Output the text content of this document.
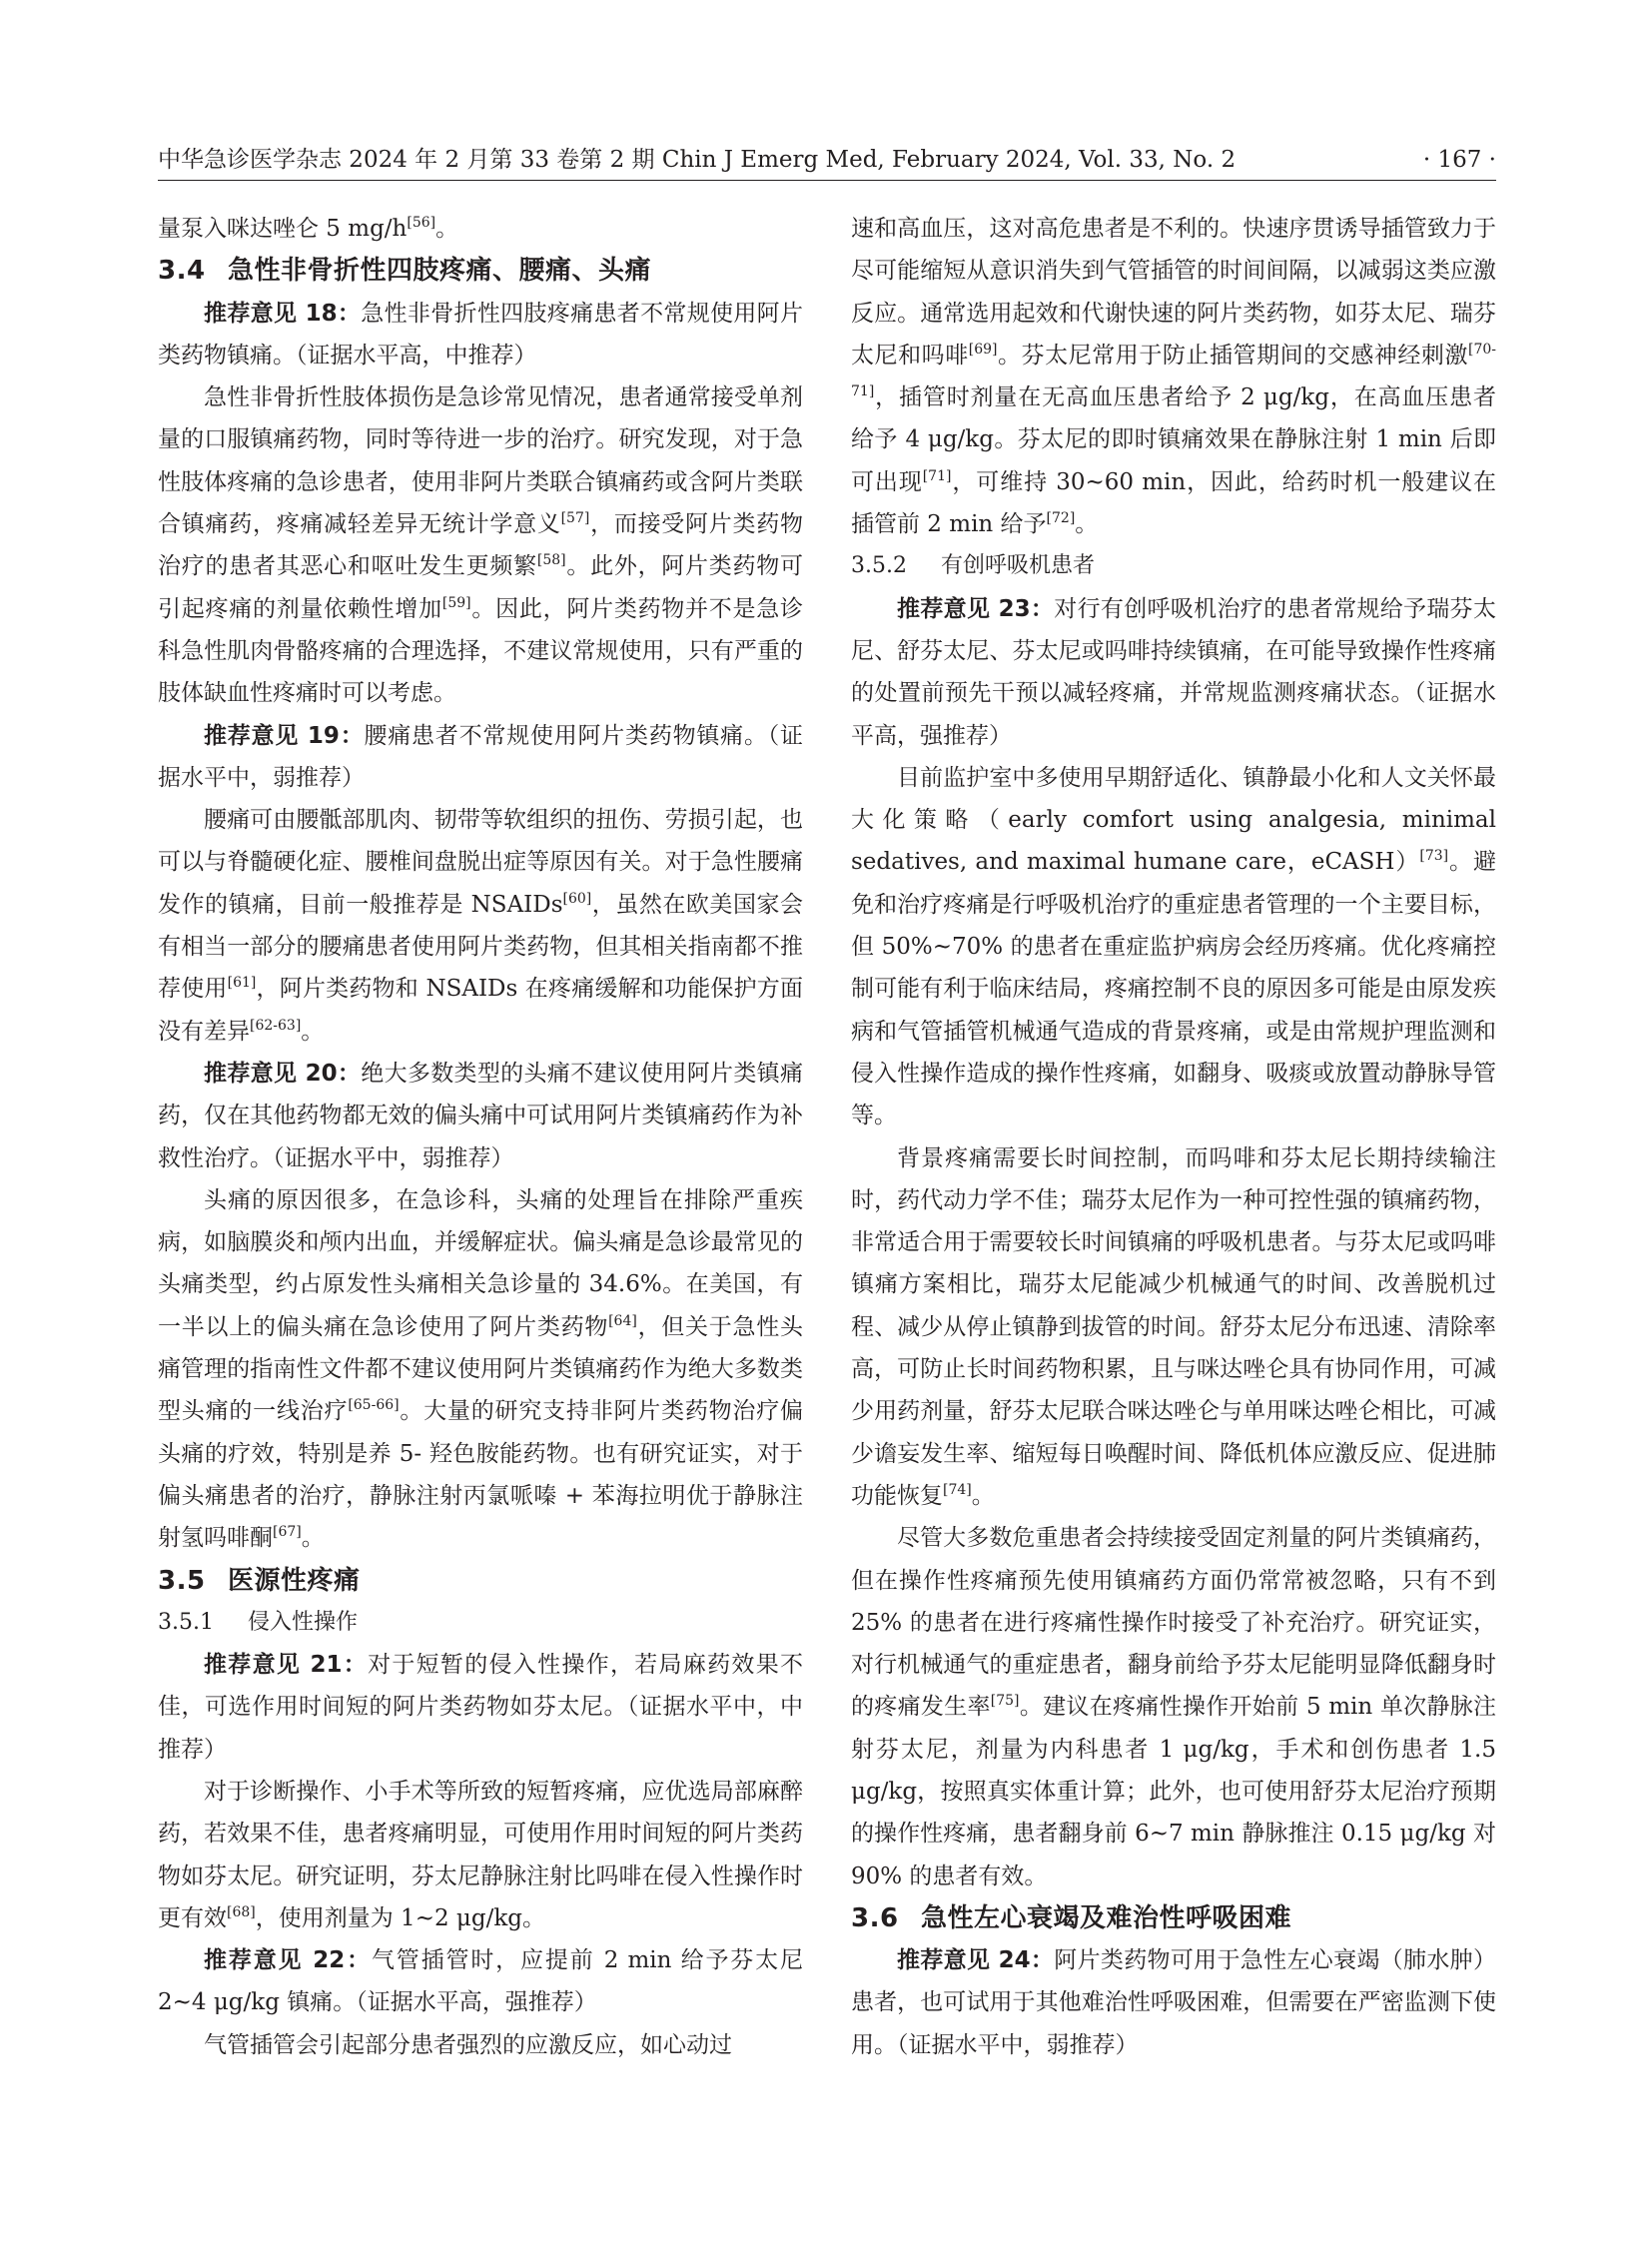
中华急诊医学杂志 2024 年 2 月第 33 卷第 2 期 Chin J Emerg Med, February 2024, Vol. 33, No. 2	· 167 ·

量泵入咪达唑仑 5 mg/h[56]。

3.4 急性非骨折性四肢疼痛、腰痛、头痛

推荐意见 18：急性非骨折性四肢疼痛患者不常规使用阿片类药物镇痛。（证据水平高，中推荐）

急性非骨折性肢体损伤是急诊常见情况，患者通常接受单剂量的口服镇痛药物，同时等待进一步的治疗。研究发现，对于急性肢体疼痛的急诊患者，使用非阿片类联合镇痛药或含阿片类联合镇痛药，疼痛减轻差异无统计学意义[57]，而接受阿片类药物治疗的患者其恶心和呕吐发生更频繁[58]。此外，阿片类药物可引起疼痛的剂量依赖性增加[59]。因此，阿片类药物并不是急诊科急性肌肉骨骼疼痛的合理选择，不建议常规使用，只有严重的肢体缺血性疼痛时可以考虑。

推荐意见 19：腰痛患者不常规使用阿片类药物镇痛。（证据水平中，弱推荐）

腰痛可由腰骶部肌肉、韧带等软组织的扭伤、劳损引起，也可以与脊髓硬化症、腰椎间盘脱出症等原因有关。对于急性腰痛发作的镇痛，目前一般推荐是 NSAIDs[60]，虽然在欧美国家会有相当一部分的腰痛患者使用阿片类药物，但其相关指南都不推荐使用[61]，阿片类药物和 NSAIDs 在疼痛缓解和功能保护方面没有差异[62-63]。

推荐意见 20：绝大多数类型的头痛不建议使用阿片类镇痛药，仅在其他药物都无效的偏头痛中可试用阿片类镇痛药作为补救性治疗。（证据水平中，弱推荐）

头痛的原因很多，在急诊科，头痛的处理旨在排除严重疾病，如脑膜炎和颅内出血，并缓解症状。偏头痛是急诊最常见的头痛类型，约占原发性头痛相关急诊量的 34.6%。在美国，有一半以上的偏头痛在急诊使用了阿片类药物[64]，但关于急性头痛管理的指南性文件都不建议使用阿片类镇痛药作为绝大多数类型头痛的一线治疗[65-66]。大量的研究支持非阿片类药物治疗偏头痛的疗效，特别是养 5- 羟色胺能药物。也有研究证实，对于偏头痛患者的治疗，静脉注射丙氯哌嗪 + 苯海拉明优于静脉注射氢吗啡酮[67]。

3.5 医源性疼痛
3.5.1 侵入性操作

推荐意见 21：对于短暂的侵入性操作，若局麻药效果不佳，可选作用时间短的阿片类药物如芬太尼。（证据水平中，中推荐）

对于诊断操作、小手术等所致的短暂疼痛，应优选局部麻醉药，若效果不佳，患者疼痛明显，可使用作用时间短的阿片类药物如芬太尼。研究证明，芬太尼静脉注射比吗啡在侵入性操作时更有效[68]，使用剂量为 1~2 μg/kg。

推荐意见 22：气管插管时，应提前 2 min 给予芬太尼 2~4 μg/kg 镇痛。（证据水平高，强推荐）

气管插管会引起部分患者强烈的应激反应，如心动过

速和高血压，这对高危患者是不利的。快速序贯诱导插管致力于尽可能缩短从意识消失到气管插管的时间间隔，以减弱这类应激反应。通常选用起效和代谢快速的阿片类药物，如芬太尼、瑞芬太尼和吗啡[69]。芬太尼常用于防止插管期间的交感神经刺激[70-71]，插管时剂量在无高血压患者给予 2 μg/kg，在高血压患者给予 4 μg/kg。芬太尼的即时镇痛效果在静脉注射 1 min 后即可出现[71]，可维持 30~60 min，因此，给药时机一般建议在插管前 2 min 给予[72]。

3.5.2 有创呼吸机患者

推荐意见 23：对行有创呼吸机治疗的患者常规给予瑞芬太尼、舒芬太尼、芬太尼或吗啡持续镇痛，在可能导致操作性疼痛的处置前预先干预以减轻疼痛，并常规监测疼痛状态。（证据水平高，强推荐）

目前监护室中多使用早期舒适化、镇静最小化和人文关怀最大化策略（early comfort using analgesia, minimal sedatives, and maximal humane care，eCASH）[73]。避免和治疗疼痛是行呼吸机治疗的重症患者管理的一个主要目标，但 50%~70% 的患者在重症监护病房会经历疼痛。优化疼痛控制可能有利于临床结局，疼痛控制不良的原因多可能是由原发疾病和气管插管机械通气造成的背景疼痛，或是由常规护理监测和侵入性操作造成的操作性疼痛，如翻身、吸痰或放置动静脉导管等。

背景疼痛需要长时间控制，而吗啡和芬太尼长期持续输注时，药代动力学不佳；瑞芬太尼作为一种可控性强的镇痛药物，非常适合用于需要较长时间镇痛的呼吸机患者。与芬太尼或吗啡镇痛方案相比，瑞芬太尼能减少机械通气的时间、改善脱机过程、减少从停止镇静到拔管的时间。舒芬太尼分布迅速、清除率高，可防止长时间药物积累，且与咪达唑仑具有协同作用，可减少用药剂量，舒芬太尼联合咪达唑仑与单用咪达唑仑相比，可减少谵妄发生率、缩短每日唤醒时间、降低机体应激反应、促进肺功能恢复[74]。

尽管大多数危重患者会持续接受固定剂量的阿片类镇痛药，但在操作性疼痛预先使用镇痛药方面仍常常被忽略，只有不到 25% 的患者在进行疼痛性操作时接受了补充治疗。研究证实，对行机械通气的重症患者，翻身前给予芬太尼能明显降低翻身时的疼痛发生率[75]。建议在疼痛性操作开始前 5 min 单次静脉注射芬太尼，剂量为内科患者 1 μg/kg，手术和创伤患者 1.5 μg/kg，按照真实体重计算；此外，也可使用舒芬太尼治疗预期的操作性疼痛，患者翻身前 6~7 min 静脉推注 0.15 μg/kg 对 90% 的患者有效。

3.6 急性左心衰竭及难治性呼吸困难

推荐意见 24：阿片类药物可用于急性左心衰竭（肺水肿）患者，也可试用于其他难治性呼吸困难，但需要在严密监测下使用。（证据水平中，弱推荐）
